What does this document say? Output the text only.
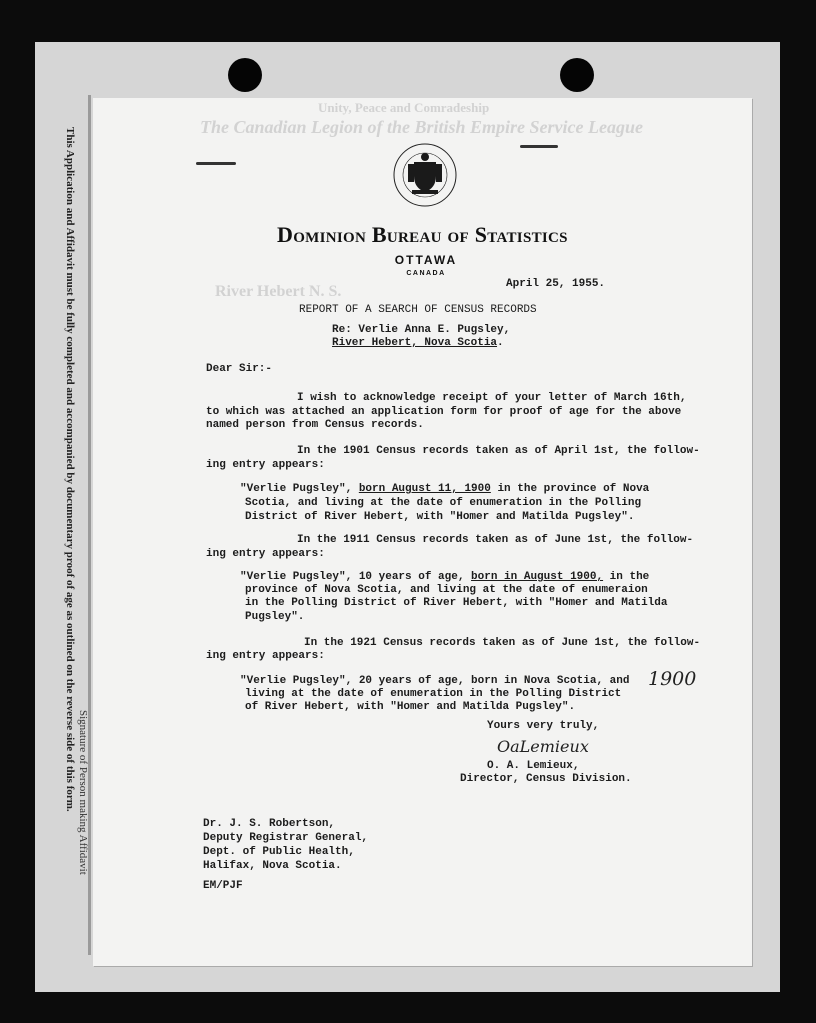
This Application and Affidavit must be fully completed and accompanied by documentary proof of age as outlined on the reverse side of this form. Signature of Person making Affidavit
Unity, Peace and Comradeship
The Canadian Legion of the British Empire Service League
River Hebert N. S.
Dominion Bureau of Statistics
OTTAWA
CANADA
April 25, 1955.
REPORT OF A SEARCH OF CENSUS RECORDS
Re: Verlie Anna E. Pugsley,
River Hebert, Nova Scotia.
Dear Sir:-
I wish to acknowledge receipt of your letter of March 16th,
to which was attached an application form for proof of age for the above
named person from Census records.
In the 1901 Census records taken as of April 1st, the follow-
ing entry appears:
"Verlie Pugsley", born August 11, 1900 in the province of Nova
Scotia, and living at the date of enumeration in the Polling
District of River Hebert, with "Homer and Matilda Pugsley".
In the 1911 Census records taken as of June 1st, the follow-
ing entry appears:
"Verlie Pugsley", 10 years of age, born in August 1900, in the
province of Nova Scotia, and living at the date of enumeraion
in the Polling District of River Hebert, with "Homer and Matilda
Pugsley".
In the 1921 Census records taken as of June 1st, the follow-
ing entry appears:
"Verlie Pugsley", 20 years of age, born in Nova Scotia, and
living at the date of enumeration in the Polling District
of River Hebert, with "Homer and Matilda Pugsley".
1900
Yours very truly,
OaLemieux
O. A. Lemieux,
Director, Census Division.
Dr. J. S. Robertson,
Deputy Registrar General,
Dept. of Public Health,
Halifax, Nova Scotia.
EM/PJF
